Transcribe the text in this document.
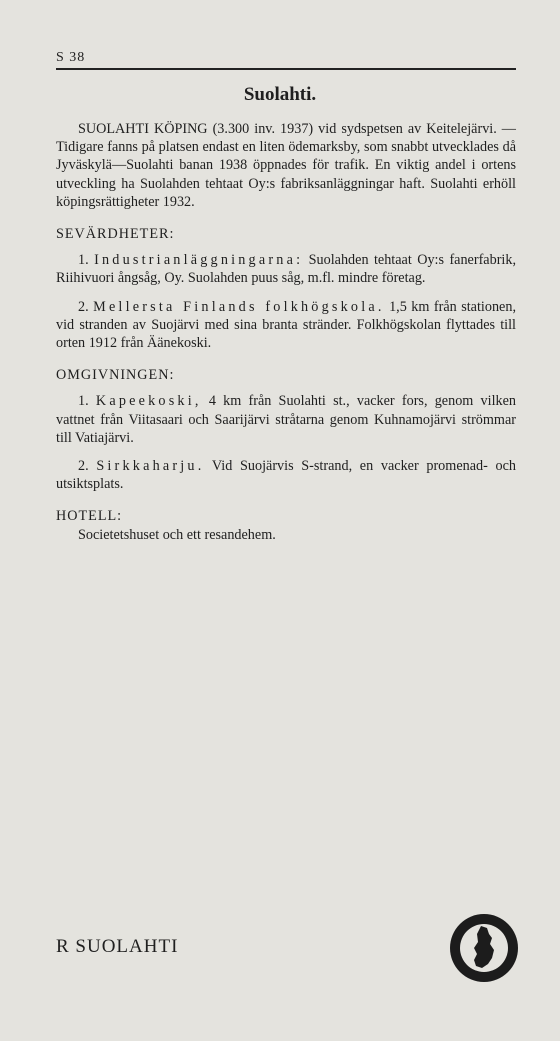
S 38
Suolahti.

SUOLAHTI KÖPING (3.300 inv. 1937) vid sydspetsen av Keitelejärvi. — Tidigare fanns på platsen endast en liten ödemarksby, som snabbt utvecklades då Jyväskylä—Suolahti banan 1938 öppnades för trafik. En viktig andel i ortens utveckling ha Suolahden tehtaat Oy:s fabriksanläggningar haft. Suolahti erhöll köpingsrättigheter 1932.

SEVÄRDHETER:

1. Industrianläggningarna: Suolahden tehtaat Oy:s fanerfabrik, Riihivuori ångsåg, Oy. Suolahden puus såg, m.fl. mindre företag.

2. Mellersta Finlands folkhögskola. 1,5 km från stationen, vid stranden av Suojärvi med sina branta stränder. Folkhögskolan flyttades till orten 1912 från Äänekoski.

OMGIVNINGEN:

1. Kapeekoski, 4 km från Suolahti st., vacker fors, genom vilken vattnet från Viitasaari och Saarijärvi stråtarna genom Kuhnamojärvi strömmar till Vatiajärvi.

2. Sirkkaharju. Vid Suojärvis S-strand, en vacker promenad- och utsiktsplats.

HOTELL:

Societetshuset och ett resandehem.

R SUOLAHTI
